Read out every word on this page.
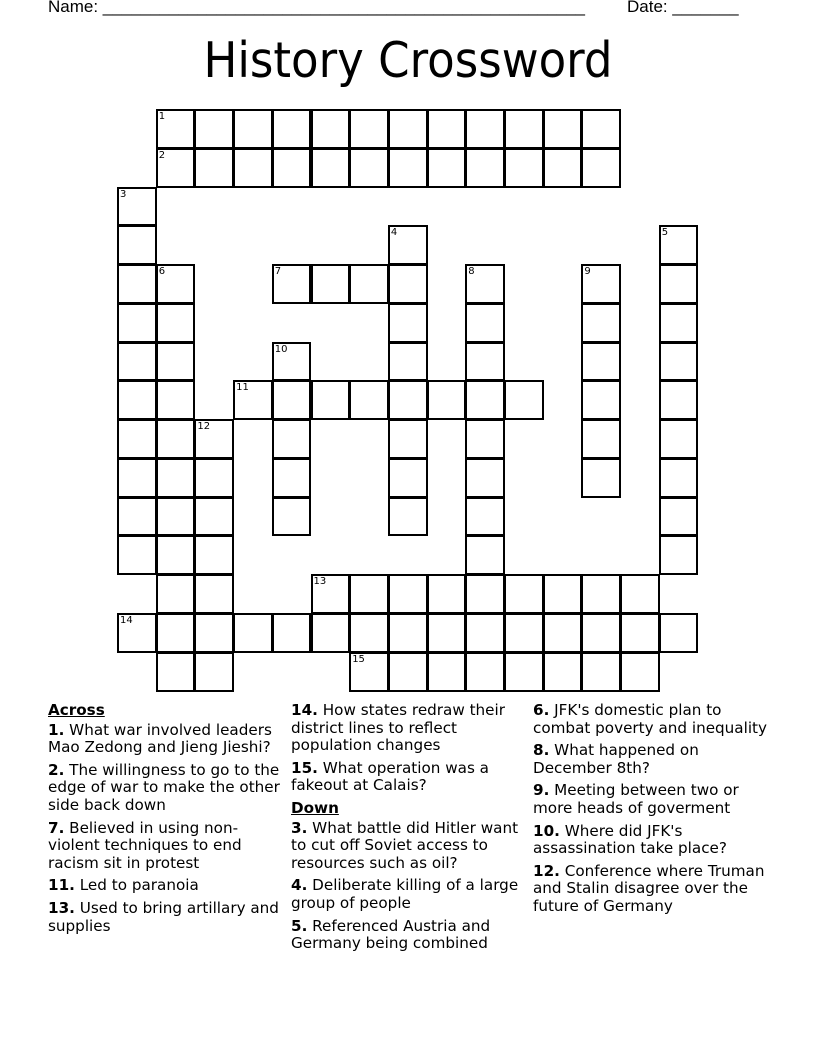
Name: ___________________________________________________ Date: _______
History Crossword
1
2
3
4	5
6	7	8	9
10
11
12
13
14
15
Across
1. What war involved leaders Mao Zedong and Jieng Jieshi?
2. The willingness to go to the edge of war to make the other side back down
7. Believed in using non-violent techniques to end racism sit in protest
11. Led to paranoia
13. Used to bring artillary and supplies
14. How states redraw their district lines to reflect population changes
15. What operation was a fakeout at Calais?
Down
3. What battle did Hitler want to cut off Soviet access to resources such as oil?
4. Deliberate killing of a large group of people
5. Referenced Austria and Germany being combined
6. JFK's domestic plan to combat poverty and inequality
8. What happened on December 8th?
9. Meeting between two or more heads of goverment
10. Where did JFK's assassination take place?
12. Conference where Truman and Stalin disagree over the future of Germany
